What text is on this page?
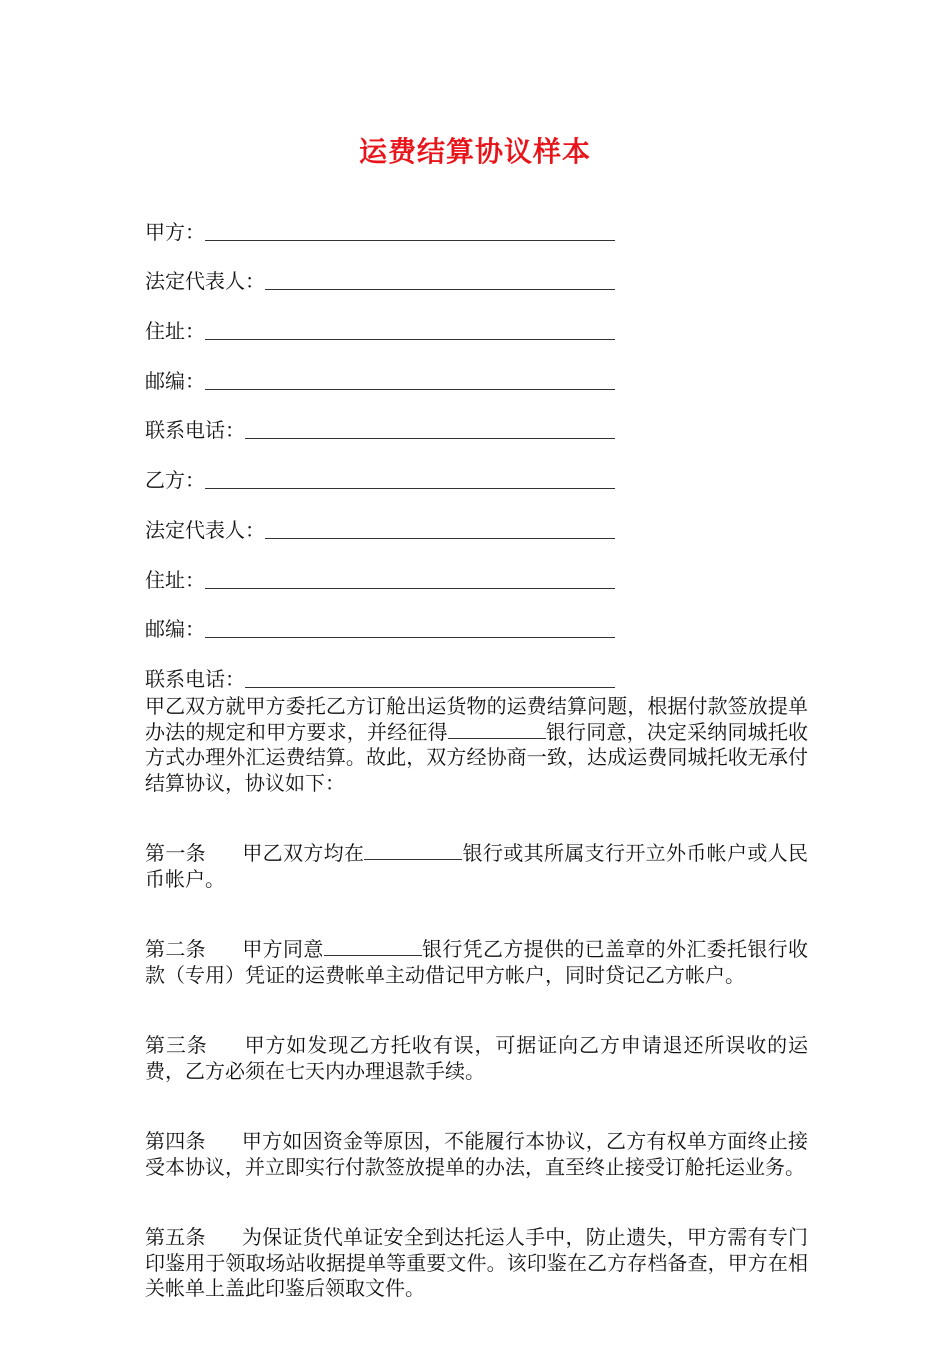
运费结算协议样本
甲方：
法定代表人：
住址：
邮编：
联系电话：
乙方：
法定代表人：
住址：
邮编：
联系电话：

甲乙双方就甲方委托乙方订舱出运货物的运费结算问题，根据付款签放提单办法的规定和甲方要求，并经征得	银行同意，决定采纳同城托收方式办理外汇运费结算。故此，双方经协商一致，达成运费同城托收无承付结算协议，协议如下：

第一条 甲乙双方均在	银行或其所属支行开立外币帐户或人民币帐户。

第二条 甲方同意	银行凭乙方提供的已盖章的外汇委托银行收款（专用）凭证的运费帐单主动借记甲方帐户，同时贷记乙方帐户。

第三条 甲方如发现乙方托收有误，可据证向乙方申请退还所误收的运费，乙方必须在七天内办理退款手续。

第四条 甲方如因资金等原因，不能履行本协议，乙方有权单方面终止接受本协议，并立即实行付款签放提单的办法，直至终止接受订舱托运业务。

第五条 为保证货代单证安全到达托运人手中，防止遗失，甲方需有专门印鉴用于领取场站收据提单等重要文件。该印鉴在乙方存档备查，甲方在相关帐单上盖此印鉴后领取文件。
